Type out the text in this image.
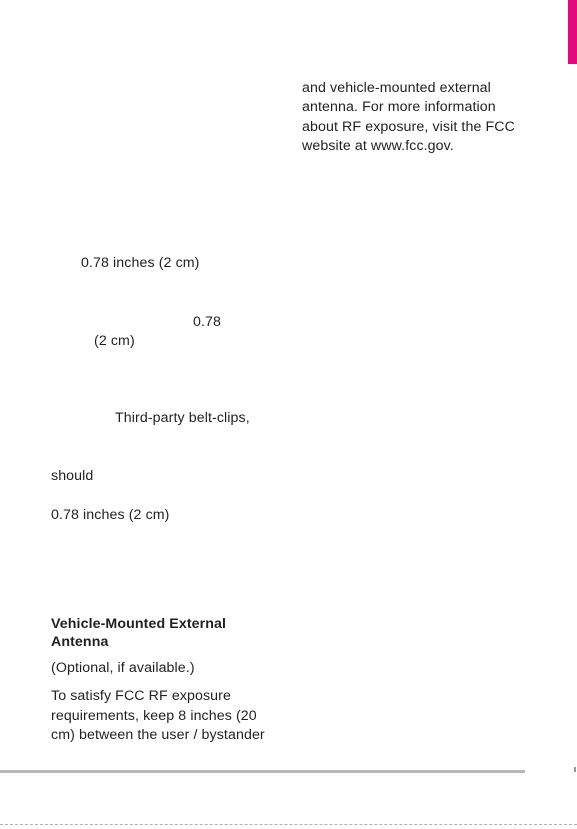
and vehicle-mounted external
antenna. For more information
about RF exposure, visit the FCC
website at www.fcc.gov.
0.78 inches (2 cm)
0.78
(2 cm)
Third-party belt-clips,
should
0.78 inches (2 cm)
Vehicle-Mounted External
Antenna
(Optional, if available.)
To satisfy FCC RF exposure
requirements, keep 8 inches (20
cm) between the user / bystander
